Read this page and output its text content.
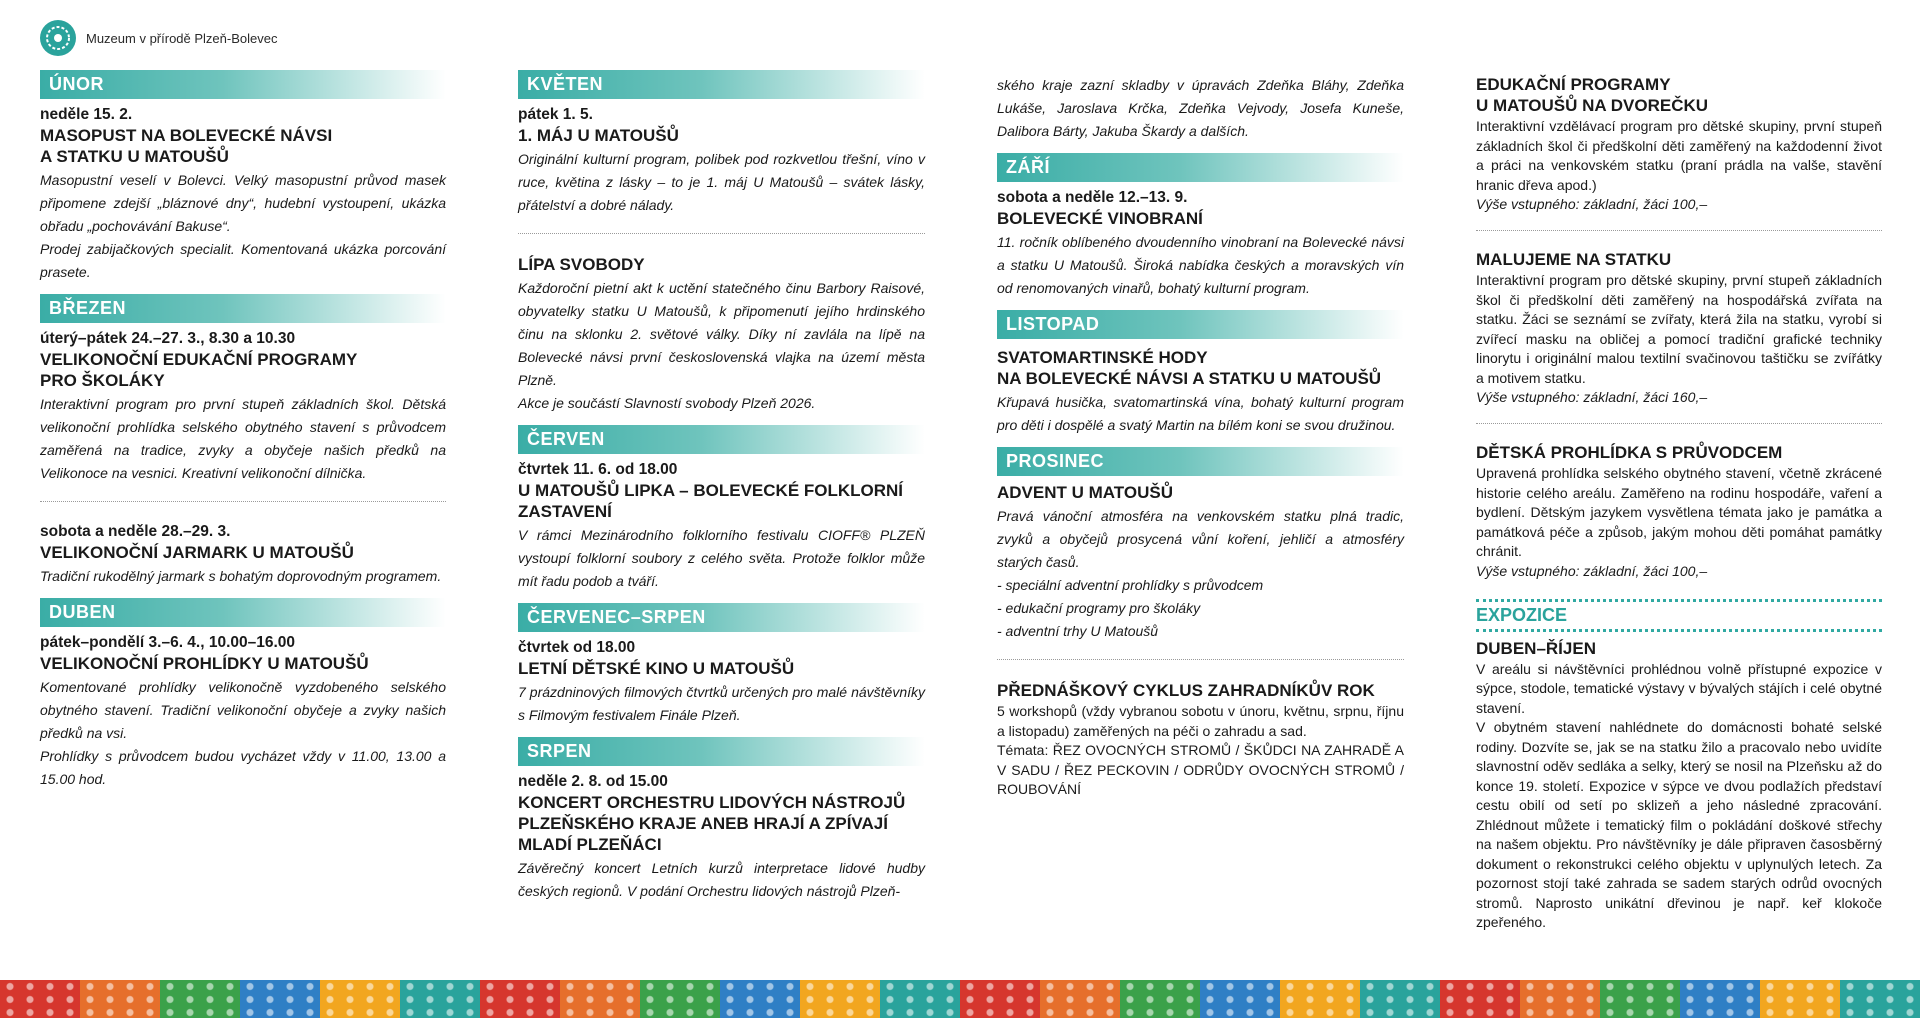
Muzeum v přírodě Plzeň-Bolevec
ÚNOR
neděle 15. 2.
MASOPUST NA BOLEVECKÉ NÁVSI
A STATKU U MATOUŠŮ
Masopustní veselí v Bolevci. Velký masopustní průvod masek připomene zdejší „bláznové dny“, hudební vystoupení, ukázka obřadu „pochovávání Bakuse“.
Prodej zabijačkových specialit. Komentovaná ukázka porcování prasete.
BŘEZEN
úterý–pátek 24.–27. 3., 8.30 a 10.30
VELIKONOČNÍ EDUKAČNÍ PROGRAMY
PRO ŠKOLÁKY
Interaktivní program pro první stupeň základních škol. Dětská velikonoční prohlídka selského obytného stavení s průvodcem zaměřená na tradice, zvyky a obyčeje našich předků na Velikonoce na vesnici. Kreativní velikonoční dílnička.
sobota a neděle 28.–29. 3.
VELIKONOČNÍ JARMARK U MATOUŠŮ
Tradiční rukodělný jarmark s bohatým doprovodným programem.
DUBEN
pátek–pondělí 3.–6. 4., 10.00–16.00
VELIKONOČNÍ PROHLÍDKY U MATOUŠŮ
Komentované prohlídky velikonočně vyzdobeného selského obytného stavení. Tradiční velikonoční obyčeje a zvyky našich předků na vsi.
Prohlídky s průvodcem budou vycházet vždy v 11.00, 13.00 a 15.00 hod.
KVĚTEN
pátek 1. 5.
1. MÁJ U MATOUŠŮ
Originální kulturní program, polibek pod rozkvetlou třešní, víno v ruce, květina z lásky – to je 1. máj U Matoušů – svátek lásky, přátelství a dobré nálady.
LÍPA SVOBODY
Každoroční pietní akt k uctění statečného činu Barbory Raisové, obyvatelky statku U Matoušů, k připomenutí jejího hrdinského činu na sklonku 2. světové války. Díky ní zavlála na lípě na Bolevecké návsi první československá vlajka na území města Plzně.
Akce je součástí Slavností svobody Plzeň 2026.
ČERVEN
čtvrtek 11. 6. od 18.00
U MATOUŠŮ LIPKA – BOLEVECKÉ FOLKLORNÍ
ZASTAVENÍ
V rámci Mezinárodního folklorního festivalu CIOFF® PLZEŇ vystoupí folklorní soubory z celého světa. Protože folklor může mít řadu podob a tváří.
ČERVENEC–SRPEN
čtvrtek od 18.00
LETNÍ DĚTSKÉ KINO U MATOUŠŮ
7 prázdninových filmových čtvrtků určených pro malé návštěvníky s Filmovým festivalem Finále Plzeň.
SRPEN
neděle 2. 8. od 15.00
KONCERT ORCHESTRU LIDOVÝCH NÁSTROJŮ
PLZEŇSKÉHO KRAJE ANEB HRAJÍ A ZPÍVAJÍ
MLADÍ PLZEŇÁCI
Závěrečný koncert Letních kurzů interpretace lidové hudby českých regionů. V podání Orchestru lidových nástrojů Plzeň-
ského kraje zazní skladby v úpravách Zdeňka Bláhy, Zdeňka Lukáše, Jaroslava Krčka, Zdeňka Vejvody, Josefa Kuneše, Dalibora Bárty, Jakuba Škardy a dalších.
ZÁŘÍ
sobota a neděle 12.–13. 9.
BOLEVECKÉ VINOBRANÍ
11. ročník oblíbeného dvoudenního vinobraní na Bolevecké návsi a statku U Matoušů. Široká nabídka českých a moravských vín od renomovaných vinařů, bohatý kulturní program.
LISTOPAD
SVATOMARTINSKÉ HODY
NA BOLEVECKÉ NÁVSI A STATKU U MATOUŠŮ
Křupavá husička, svatomartinská vína, bohatý kulturní program pro děti i dospělé a svatý Martin na bílém koni se svou družinou.
PROSINEC
ADVENT U MATOUŠŮ
Pravá vánoční atmosféra na venkovském statku plná tradic, zvyků a obyčejů prosycená vůní koření, jehličí a atmosféry starých časů.
- speciální adventní prohlídky s průvodcem
- edukační programy pro školáky
- adventní trhy U Matoušů
PŘEDNÁŠKOVÝ CYKLUS ZAHRADNÍKŮV ROK
5 workshopů (vždy vybranou sobotu v únoru, květnu, srpnu, říjnu a listopadu) zaměřených na péči o zahradu a sad.
Témata: ŘEZ OVOCNÝCH STROMŮ / ŠKŮDCI NA ZAHRADĚ A V SADU / ŘEZ PECKOVIN / ODRŮDY OVOCNÝCH STROMŮ / ROUBOVÁNÍ
EDUKAČNÍ PROGRAMY
U MATOUŠŮ NA DVOREČKU
Interaktivní vzdělávací program pro dětské skupiny, první stupeň základních škol či předškolní děti zaměřený na každodenní život a práci na venkovském statku (praní prádla na valše, stavění hranic dřeva apod.)
Výše vstupného: základní, žáci 100,–
MALUJEME NA STATKU
Interaktivní program pro dětské skupiny, první stupeň základních škol či předškolní děti zaměřený na hospodářská zvířata na statku. Žáci se seznámí se zvířaty, která žila na statku, vyrobí si zvířecí masku na obličej a pomocí tradiční grafické techniky linorytu i originální malou textilní svačinovou taštičku se zvířátky a motivem statku.
Výše vstupného: základní, žáci 160,–
DĚTSKÁ PROHLÍDKA S PRŮVODCEM
Upravená prohlídka selského obytného stavení, včetně zkrácené historie celého areálu. Zaměřeno na rodinu hospodáře, vaření a bydlení. Dětským jazykem vysvětlena témata jako je památka a památková péče a způsob, jakým mohou děti pomáhat památky chránit.
Výše vstupného: základní, žáci 100,–
EXPOZICE
DUBEN–ŘÍJEN
V areálu si návštěvníci prohlédnou volně přístupné expozice v sýpce, stodole, tematické výstavy v bývalých stájích i celé obytné stavení.
V obytném stavení nahlédnete do domácnosti bohaté selské rodiny. Dozvíte se, jak se na statku žilo a pracovalo nebo uvidíte slavnostní oděv sedláka a selky, který se nosil na Plzeňsku až do konce 19. století. Expozice v sýpce ve dvou podlažích představí cestu obilí od setí po sklizeň a jeho následné zpracování. Zhlédnout můžete i tematický film o pokládání doškové střechy na našem objektu. Pro návštěvníky je dále připraven časosběrný dokument o rekonstrukci celého objektu v uplynulých letech. Za pozornost stojí také zahrada se sadem starých odrůd ovocných stromů. Naprosto unikátní dřevinou je např. keř klokoče zpeřeného.
